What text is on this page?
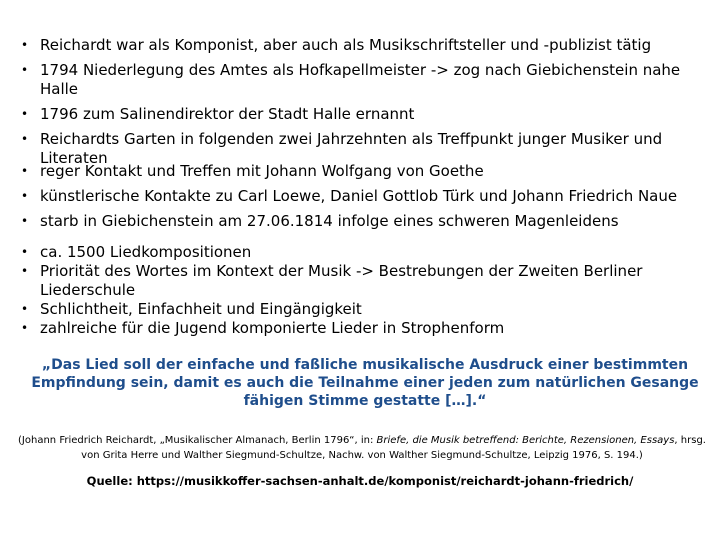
• Reichardt war als Komponist, aber auch als Musikschriftsteller und -publizist tätig
• 1794 Niederlegung des Amtes als Hofkapellmeister -> zog nach Giebichenstein nahe Halle
• 1796 zum Salinendirektor der Stadt Halle ernannt
• Reichardts Garten in folgenden zwei Jahrzehnten als Treffpunkt junger Musiker und Literaten
• reger Kontakt und Treffen mit Johann Wolfgang von Goethe
• künstlerische Kontakte zu Carl Loewe, Daniel Gottlob Türk und Johann Friedrich Naue
• starb in Giebichenstein am 27.06.1814 infolge eines schweren Magenleidens
• ca. 1500 Liedkompositionen
• Priorität des Wortes im Kontext der Musik -> Bestrebungen der Zweiten Berliner Liederschule
• Schlichtheit, Einfachheit und Eingängigkeit
• zahlreiche für die Jugend komponierte Lieder in Strophenform
„Das Lied soll der einfache und faßliche musikalische Ausdruck einer bestimmten Empfindung sein, damit es auch die Teilnahme einer jeden zum natürlichen Gesange fähigen Stimme gestatte […].“
(Johann Friedrich Reichardt, „Musikalischer Almanach, Berlin 1796“, in: Briefe, die Musik betreffend: Berichte, Rezensionen, Essays, hrsg. von Grita Herre und Walther Siegmund-Schultze, Nachw. von Walther Siegmund-Schultze, Leipzig 1976, S. 194.)
Quelle: https://musikkoffer-sachsen-anhalt.de/komponist/reichardt-johann-friedrich/
